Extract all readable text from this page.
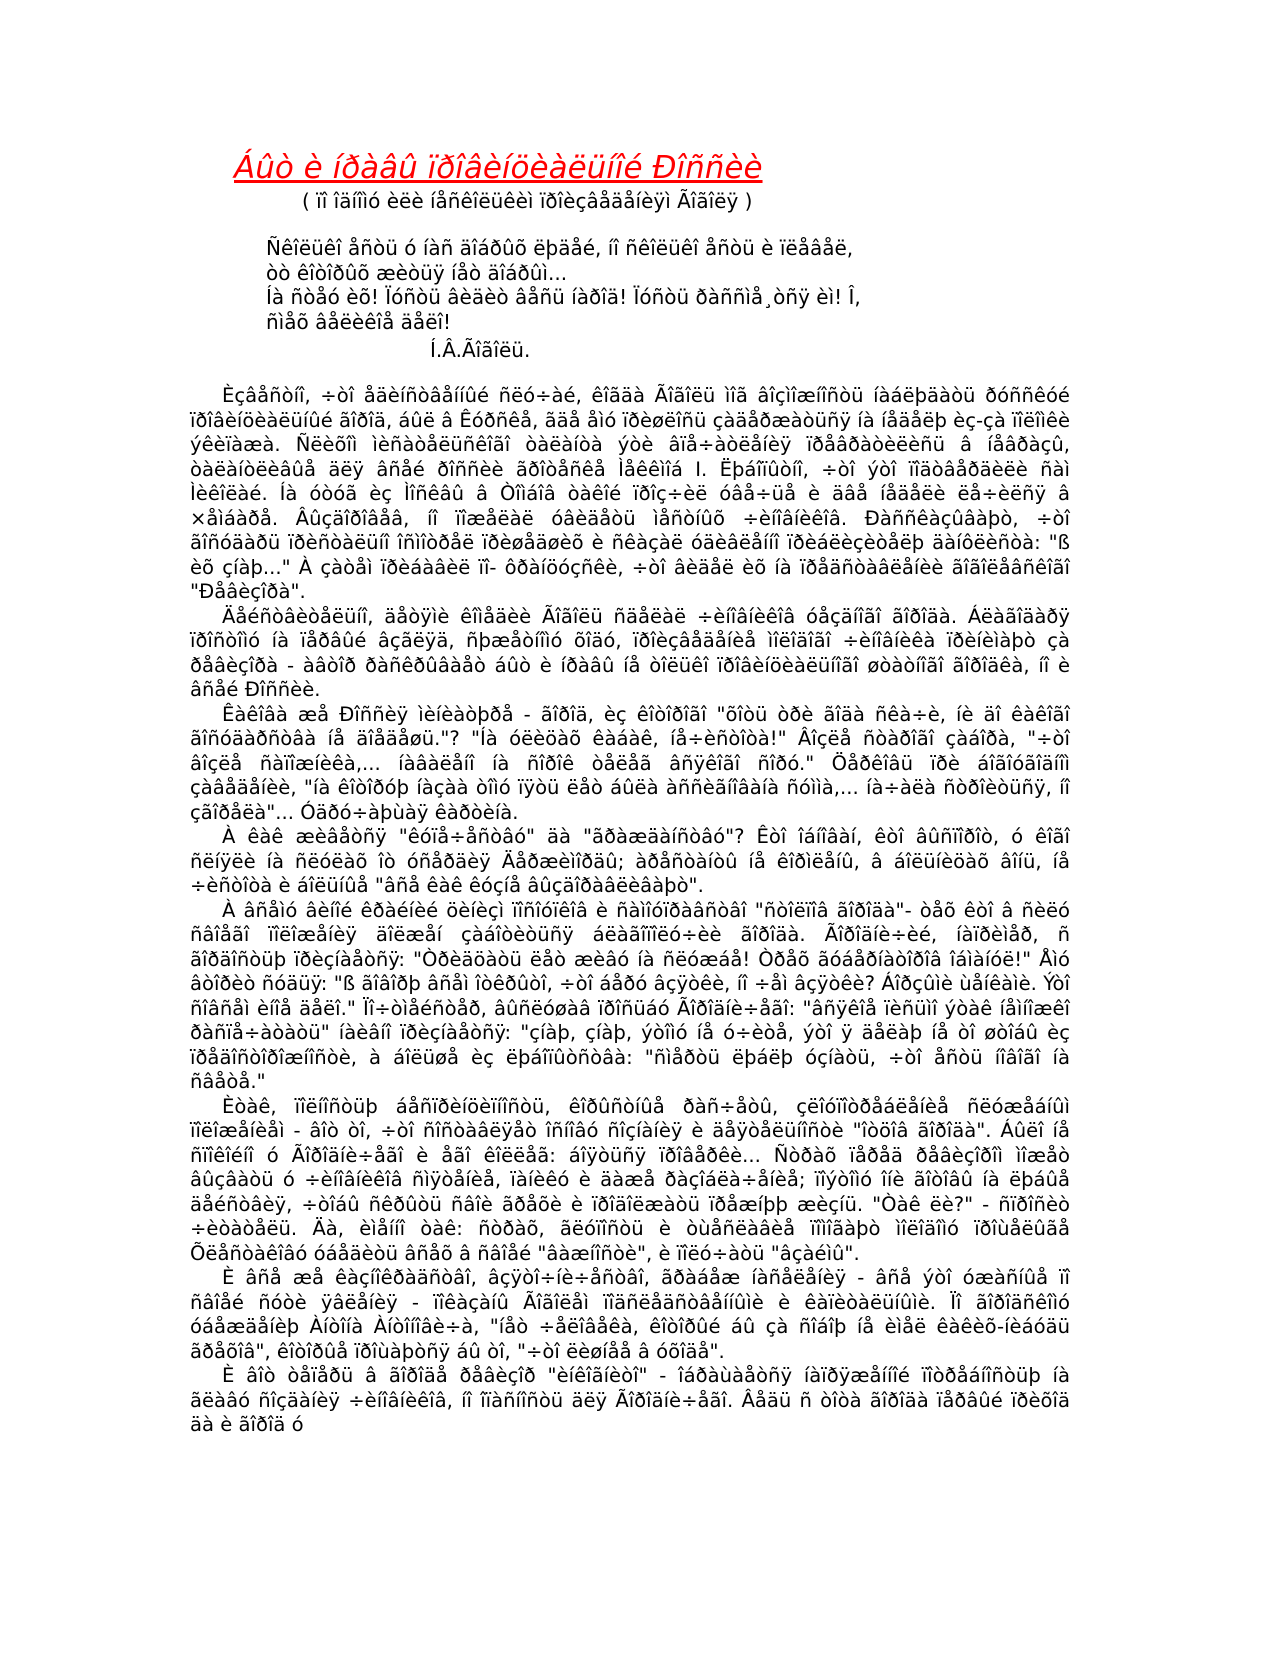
Áûò è íðàâû ïðîâèíöèàëüíîé Ðîññèè
( ïî îäíîìó èëè íåñêîëüêèì ïðîèçâåäåíèÿì Ãîãîëÿ )
Ñêîëüêî åñòü ó íàñ äîáðûõ ëþäåé, íî ñêîëüêî åñòü è ïëåâåë,
òò êîòîðûõ æèòüÿ íåò äîáðûì...
Íà ñòåó èõ! Ïóñòü âèäèò âåñü íàðîä! Ïóñòü ðàññìå¸òñÿ èì! Î,
ñìåõ âåëèêîå äåëî!
Í.Â.Ãîãîëü.

Èçâåñòíî, ÷òî åäèíñòâåííûé ñëó÷àé, êîãäà Ãîãîëü ìîã âîçìîæíîñòü íàáëþäàòü ðóññêóé ïðîâèíöèàëüíûé ãîðîä, áûë â Êóðñêå, ãäå åìó ïðèøëîñü çàäåðæàòüñÿ íà íåäåëþ èç-çà ïîëîìêè ýêèïàæà. Ñëèõîì ìèñàòåëüñêîãî òàëàíòà ýòè âïå÷àòëåíèÿ ïðåâðàòèëèñü â íåâðàçû, òàëàíòëèâûå äëÿ âñåé ðîññèè ãðîòåñêå Ìåêêìîá I. Ëþáîïûòíî, ÷òî ýòî ïîäòâåðäèëè ñàì Ìèêîëàé. Íà óòóã èç Ìîñêâû â Òîìáîâ òàêîé ïðîç÷èë óâå÷üå è äâå íåäåëè ëå÷èëñÿ â ×åìáàðå. Âûçäîðîâåâ, íî ïîæåëàë óâèäåòü ìåñòíûõ ÷èíîâíèêîâ. Ðàññêàçûâàþò, ÷òî ãîñóäàðü ïðèñòàëüíî îñìîòðåë ïðèøåäøèõ è ñêàçàë óäèâëåííî ïðèáëèçèòåëþ äàíôëèñòà: "ß èõ çíàþ..." À çàòåì ïðèáàâèë ïî- ôðàíöóçñêè, ÷òî âèäåë èõ íà ïðåäñòàâëåíèè ãîãîëåâñêîãî "Ðåâèçîðà".

Äåéñòâèòåëüíî, äåòÿìè êîìåäèè Ãîãîëü ñäåëàë ÷èíîâíèêîâ óåçäíîãî ãîðîäà. Áëàãîäàðÿ ïðîñòîìó íà ïåðâûé âçãëÿä, ñþæåòíîìó õîäó, ïðîèçâåäåíèå ìîëîäîãî ÷èíîâíèêà ïðèíèìàþò çà ðåâèçîðà - àâòîð ðàñêðûâàåò áûò è íðàâû íå òîëüêî ïðîâèíöèàëüíîãî øòàòíîãî ãîðîäêà, íî è âñåé Ðîññèè.

Êàêîâà æå Ðîññèÿ ìèíèàòþðå - ãîðîä, èç êîòîðîãî "õîòü òðè ãîäà ñêà÷è, íè äî êàêîãî ãîñóäàðñòâà íå äîåäåøü."? "Íà óëèöàõ êàáàê, íå÷èñòîòà!" Âîçëå ñòàðîãî çàáîðà, "÷òî âîçëå ñàïîæíèêà,... íàâàëåíî íà ñîðîê òåëåã âñÿêîãî ñîðó." Öåðêîâü ïðè áîãîóãîäíîì çàâåäåíèè, "íà êîòîðóþ íàçàà òîìó ïÿòü ëåò áûëà àññèãíîâàíà ñóììà,... íà÷àëà ñòðîèòüñÿ, íî çãîðåëà"... Óäðó÷àþùàÿ êàðòèíà.

À êàê æèâåòñÿ "êóïå÷åñòâó" äà "ãðàæäàíñòâó"? Êòî îáíîâàí, êòî âûñïîðîò, ó êîãî ñëíÿëè íà ñëóëàõ îò óñåðäèÿ Äåðæèìîðäû; àðåñòàíòû íå êîðìëåíû, â áîëüíèöàõ âîíü, íå ÷èñòîòà è áîëüíûå "âñå êàê êóçíå âûçäîðàâëèâàþò".

À âñåìó âèíîé êðàéíèé öèíèçì ïîñîóïêîâ è ñàìîóïðàâñòâî "ñòîëïîâ ãîðîäà"- òåõ êòî â ñèëó ñâîåãî ïîëîæåíèÿ äîëæåí çàáîòèòüñÿ áëàãîïîëó÷èè ãîðîäà. Ãîðîäíè÷èé, íàïðèìåð, ñ ãîðäîñòüþ ïðèçíàåòñÿ: "Òðèäöàòü ëåò æèâó íà ñëóæáå! Òðåõ ãóáåðíàòîðîâ îáìàíóë!" Åìó âòîðèò ñóäüÿ: "ß ãîâîðþ âñåì îòêðûòî, ÷òî áåðó âçÿòêè, íî ÷åì âçÿòêè? Áîðçûìè ùåíêàìè. Ýòî ñîâñåì èíîå äåëî." Ïî÷òìåéñòåð, âûñëóøàâ ïðîñüáó Ãîðîäíè÷åãî: "âñÿêîå ïèñüìî ýòàê íåìíîæêî ðàñïå÷àòàòü" íàèâíî ïðèçíàåòñÿ: "çíàþ, çíàþ, ýòîìó íå ó÷èòå, ýòî ÿ äåëàþ íå òî øòîáû èç ïðåäîñòîðîæíîñòè, à áîëüøå èç ëþáîïûòñòâà: "ñìåðòü ëþáëþ óçíàòü, ÷òî åñòü íîâîãî íà ñâåòå."

Èòàê, ïîëíîñòüþ áåñïðèíöèïíîñòü, êîðûñòíûå ðàñ÷åòû, çëîóïîòðåáëåíèå ñëóæåáíûì ïîëîæåíèåì - âîò òî, ÷òî ñîñòàâëÿåò îñíîâó ñîçíàíèÿ è äåÿòåëüíîñòè "îòöîâ ãîðîäà". Áûëî íå ñïîêîéíî ó Ãîðîäíè÷åãî è åãî êîëëåã: áîÿòüñÿ ïðîâåðêè... Ñòðàõ ïåðåä ðåâèçîðîì ìîæåò âûçâàòü ó ÷èíîâíèêîâ ñìÿòåíèå, ïàíèêó è äàæå ðàçîáëà÷åíèå; ïîýòîìó îíè ãîòîâû íà ëþáûå äåéñòâèÿ, ÷òîáû ñêðûòü ñâîè ãðåõè è ïðîäîëæàòü ïðåæíþþ æèçíü. "Òàê ëè?" - ñïðîñèò ÷èòàòåëü. Äà, èìåííî òàê: ñòðàõ, ãëóïîñòü è òùåñëàâèå ïîìîãàþò ìîëîäîìó ïðîùåëûãå Õëåñòàêîâó óáåäèòü âñåõ â ñâîåé "âàæíîñòè", è ïîëó÷àòü "âçàéìû".

È âñå æå êàçíîêðàäñòâî, âçÿòî÷íè÷åñòâî, ãðàáåæ íàñåëåíèÿ - âñå ýòî óæàñíûå ïî ñâîåé ñóòè ÿâëåíèÿ - ïîêàçàíû Ãîãîëåì ïîäñëåäñòâåííûìè è êàïèòàëüíûìè. Ïî ãîðîäñêîìó óáåæäåíèþ Àíòîíà Àíòîíîâè÷à, "íåò ÷åëîâåêà, êîòîðûé áû çà ñîáîþ íå èìåë êàêèõ-íèáóäü ãðåõîâ", êîòîðûå ïðîùàþòñÿ áû òî, "÷òî ëèøíåå â óõîäå".

È âîò òåïåðü â ãîðîäå ðåâèçîð "èíêîãíèòî" - îáðàùàåòñÿ íàïðÿæåííîé ïîòðåáíîñòüþ íà ãëàâó ñîçäàíèÿ ÷èíîâíèêîâ, íî îïàñíîñòü äëÿ Ãîðîäíè÷åãî. Âåäü ñ òîòà ãîðîäà ïåðâûé ïðèõîä äà è ãîðîä ó
